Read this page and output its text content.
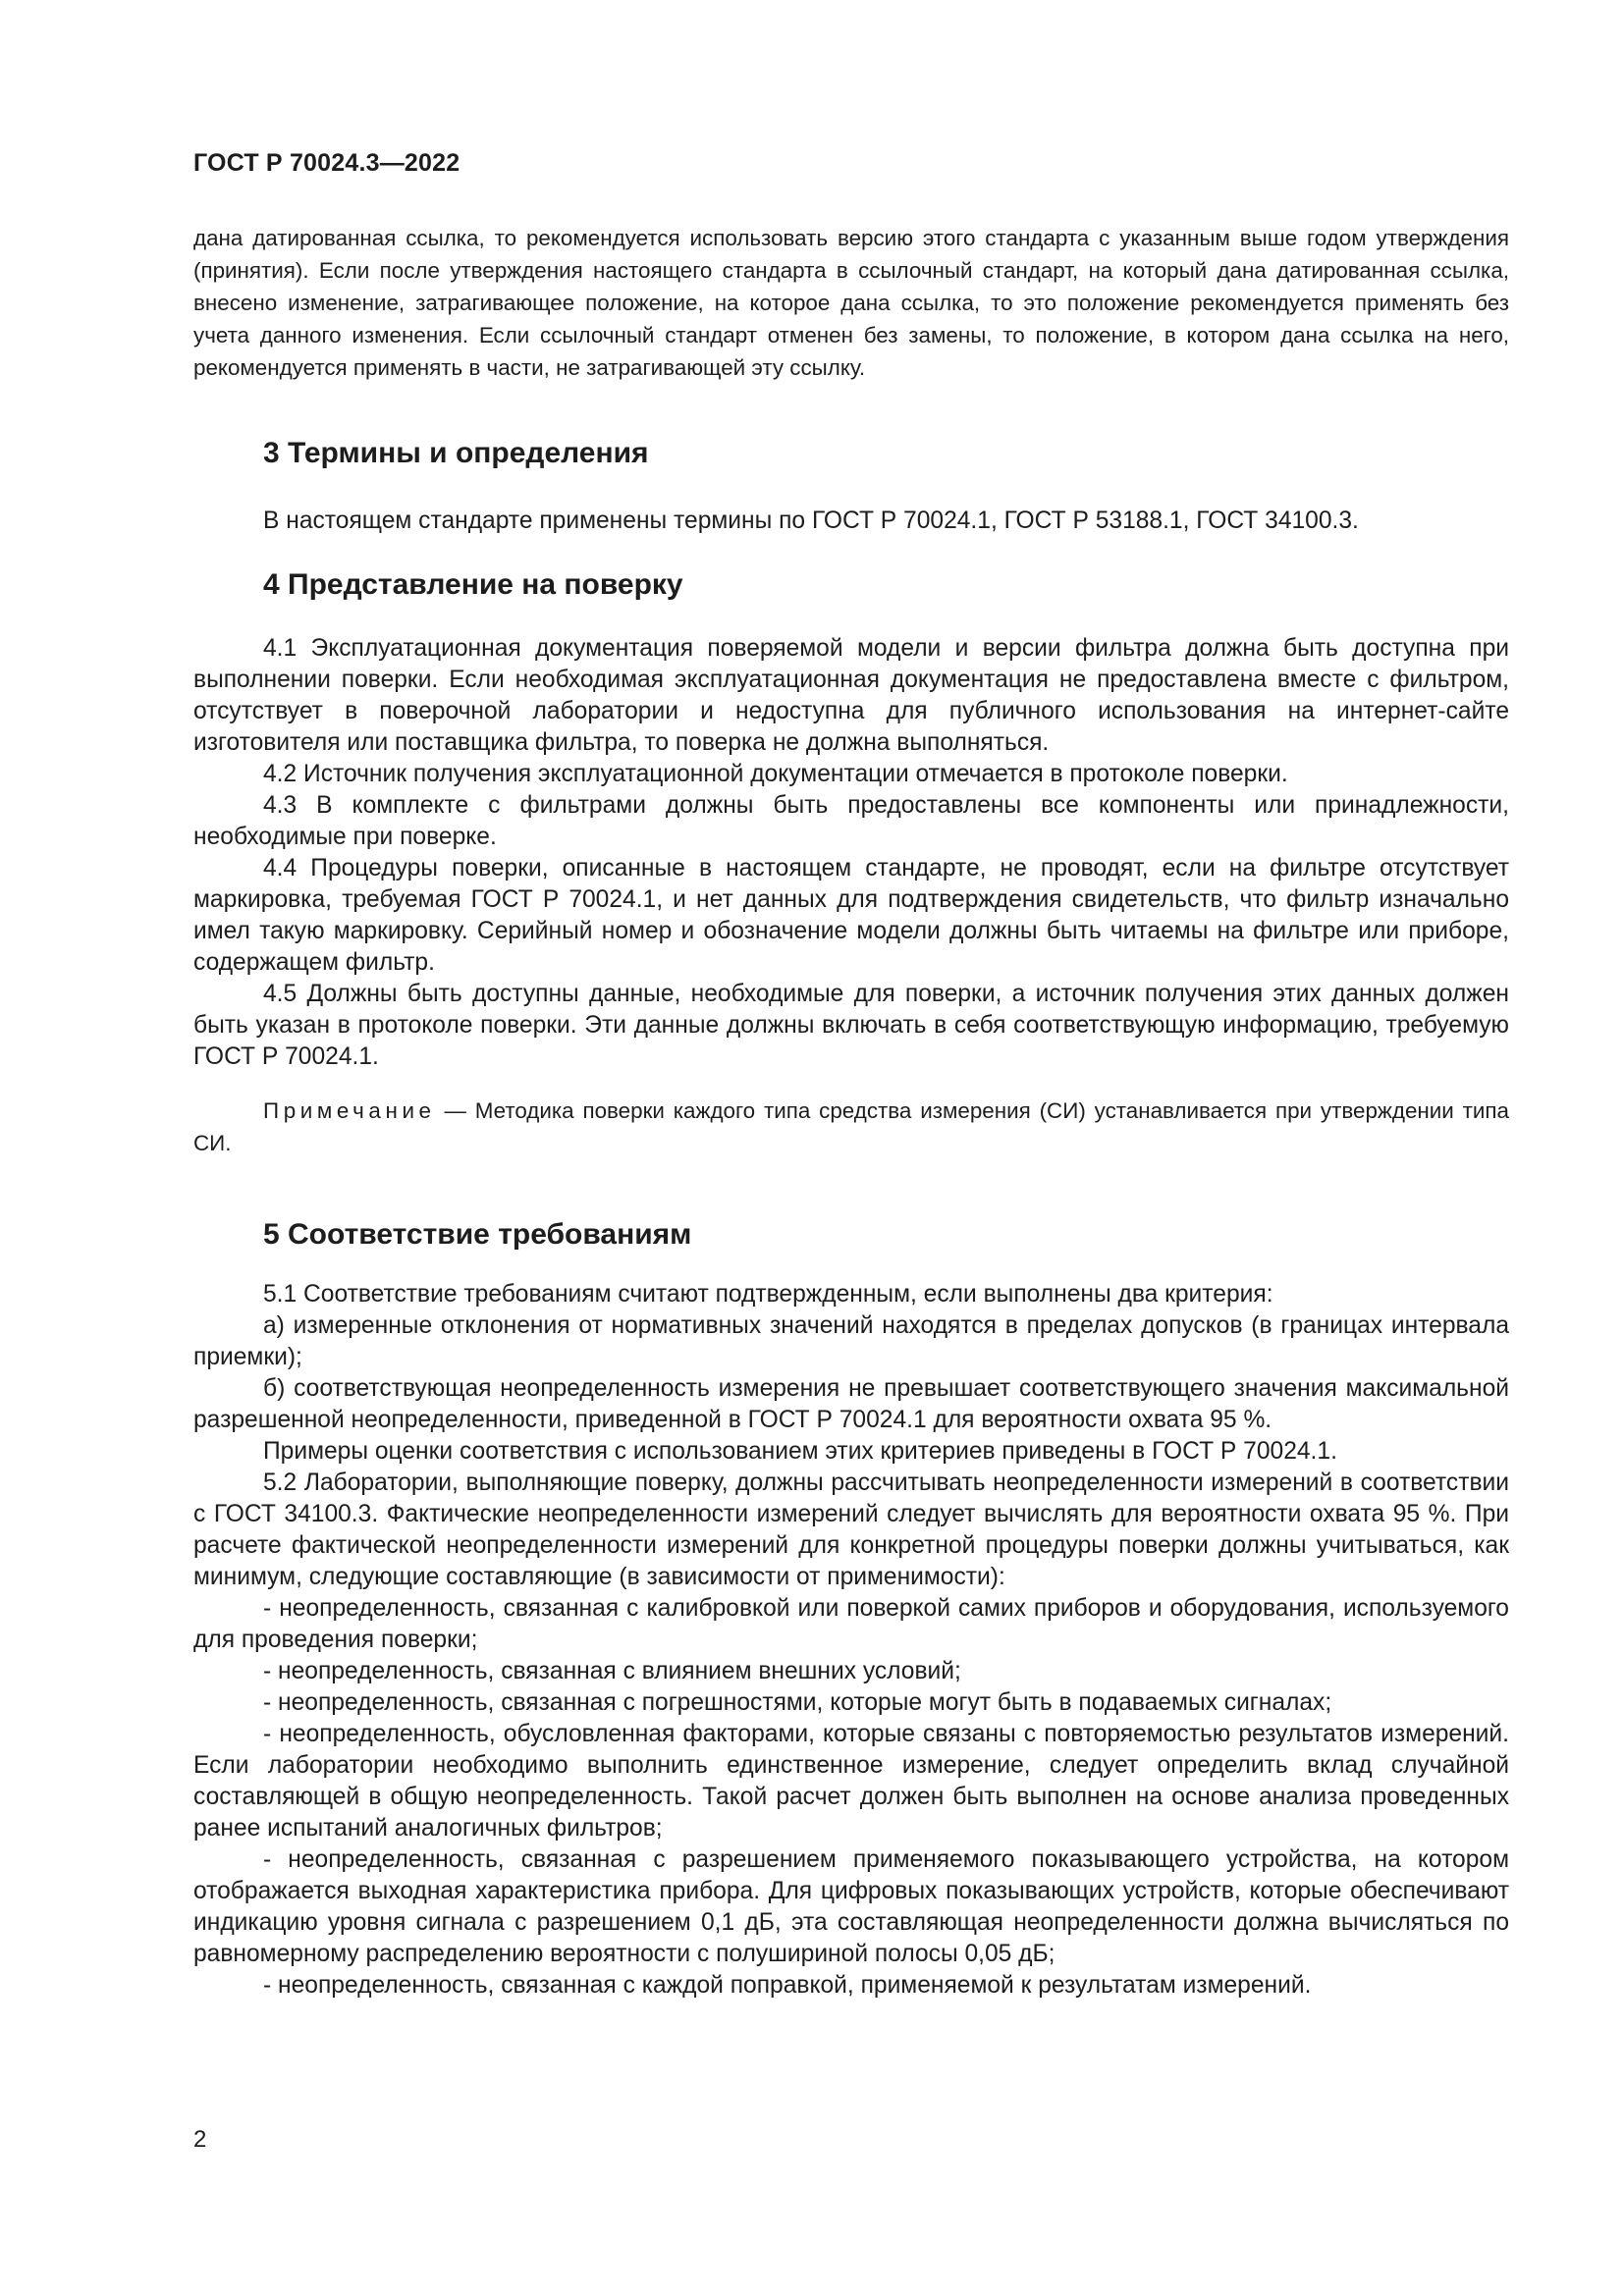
ГОСТ Р 70024.3—2022

дана датированная ссылка, то рекомендуется использовать версию этого стандарта с указанным выше годом утверждения (принятия). Если после утверждения настоящего стандарта в ссылочный стандарт, на который дана датированная ссылка, внесено изменение, затрагивающее положение, на которое дана ссылка, то это положение рекомендуется применять без учета данного изменения. Если ссылочный стандарт отменен без замены, то положение, в котором дана ссылка на него, рекомендуется применять в части, не затрагивающей эту ссылку.

3 Термины и определения

В настоящем стандарте применены термины по ГОСТ Р 70024.1, ГОСТ Р 53188.1, ГОСТ 34100.3.

4 Представление на поверку

4.1 Эксплуатационная документация поверяемой модели и версии фильтра должна быть доступна при выполнении поверки. Если необходимая эксплуатационная документация не предоставлена вместе с фильтром, отсутствует в поверочной лаборатории и недоступна для публичного использования на интернет-сайте изготовителя или поставщика фильтра, то поверка не должна выполняться.

4.2 Источник получения эксплуатационной документации отмечается в протоколе поверки.

4.3 В комплекте с фильтрами должны быть предоставлены все компоненты или принадлежности, необходимые при поверке.

4.4 Процедуры поверки, описанные в настоящем стандарте, не проводят, если на фильтре отсутствует маркировка, требуемая ГОСТ Р 70024.1, и нет данных для подтверждения свидетельств, что фильтр изначально имел такую маркировку. Серийный номер и обозначение модели должны быть читаемы на фильтре или приборе, содержащем фильтр.

4.5 Должны быть доступны данные, необходимые для поверки, а источник получения этих данных должен быть указан в протоколе поверки. Эти данные должны включать в себя соответствующую информацию, требуемую ГОСТ Р 70024.1.

Примечание — Методика поверки каждого типа средства измерения (СИ) устанавливается при утверждении типа СИ.

5 Соответствие требованиям

5.1 Соответствие требованиям считают подтвержденным, если выполнены два критерия:

а) измеренные отклонения от нормативных значений находятся в пределах допусков (в границах интервала приемки);

б) соответствующая неопределенность измерения не превышает соответствующего значения максимальной разрешенной неопределенности, приведенной в ГОСТ Р 70024.1 для вероятности охвата 95 %.

Примеры оценки соответствия с использованием этих критериев приведены в ГОСТ Р 70024.1.

5.2 Лаборатории, выполняющие поверку, должны рассчитывать неопределенности измерений в соответствии с ГОСТ 34100.3. Фактические неопределенности измерений следует вычислять для вероятности охвата 95 %. При расчете фактической неопределенности измерений для конкретной процедуры поверки должны учитываться, как минимум, следующие составляющие (в зависимости от применимости):

- неопределенность, связанная с калибровкой или поверкой самих приборов и оборудования, используемого для проведения поверки;

- неопределенность, связанная с влиянием внешних условий;

- неопределенность, связанная с погрешностями, которые могут быть в подаваемых сигналах;

- неопределенность, обусловленная факторами, которые связаны с повторяемостью результатов измерений. Если лаборатории необходимо выполнить единственное измерение, следует определить вклад случайной составляющей в общую неопределенность. Такой расчет должен быть выполнен на основе анализа проведенных ранее испытаний аналогичных фильтров;

- неопределенность, связанная с разрешением применяемого показывающего устройства, на котором отображается выходная характеристика прибора. Для цифровых показывающих устройств, которые обеспечивают индикацию уровня сигнала с разрешением 0,1 дБ, эта составляющая неопределенности должна вычисляться по равномерному распределению вероятности с полушириной полосы 0,05 дБ;

- неопределенность, связанная с каждой поправкой, применяемой к результатам измерений.

2
